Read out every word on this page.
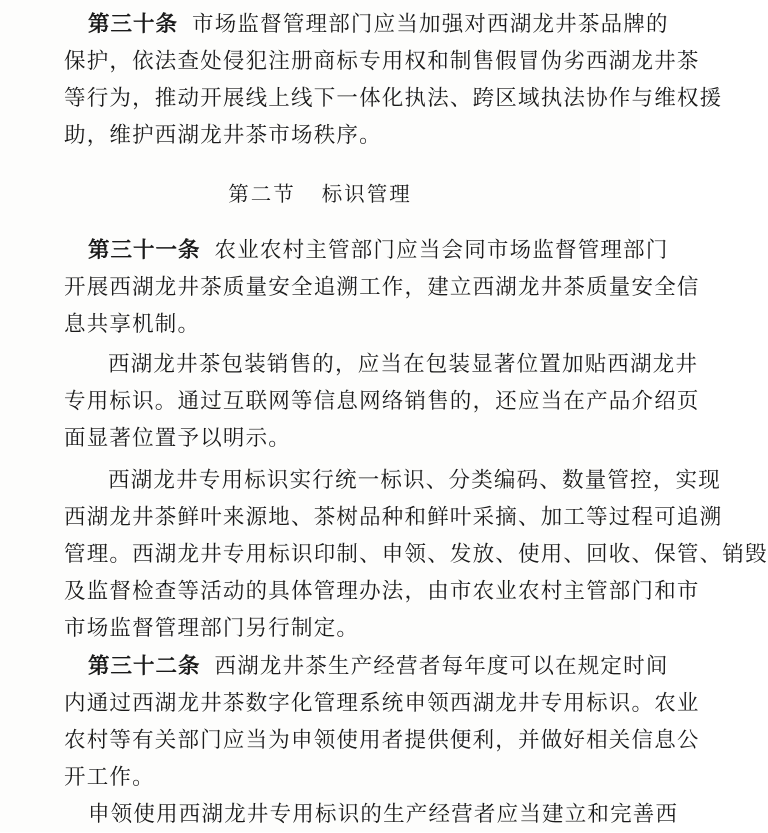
第三十条 市场监督管理部门应当加强对西湖龙井茶品牌的
保护，依法查处侵犯注册商标专用权和制售假冒伪劣西湖龙井茶
等行为，推动开展线上线下一体化执法、跨区域执法协作与维权援
助，维护西湖龙井茶市场秩序。

第二节 标识管理

第三十一条 农业农村主管部门应当会同市场监督管理部门
开展西湖龙井茶质量安全追溯工作，建立西湖龙井茶质量安全信
息共享机制。

西湖龙井茶包装销售的，应当在包装显著位置加贴西湖龙井
专用标识。通过互联网等信息网络销售的，还应当在产品介绍页
面显著位置予以明示。

西湖龙井专用标识实行统一标识、分类编码、数量管控，实现
西湖龙井茶鲜叶来源地、茶树品种和鲜叶采摘、加工等过程可追溯
管理。西湖龙井专用标识印制、申领、发放、使用、回收、保管、销毁
及监督检查等活动的具体管理办法，由市农业农村主管部门和市
市场监督管理部门另行制定。

第三十二条 西湖龙井茶生产经营者每年度可以在规定时间
内通过西湖龙井茶数字化管理系统申领西湖龙井专用标识。农业
农村等有关部门应当为申领使用者提供便利，并做好相关信息公
开工作。

申领使用西湖龙井专用标识的生产经营者应当建立和完善西
